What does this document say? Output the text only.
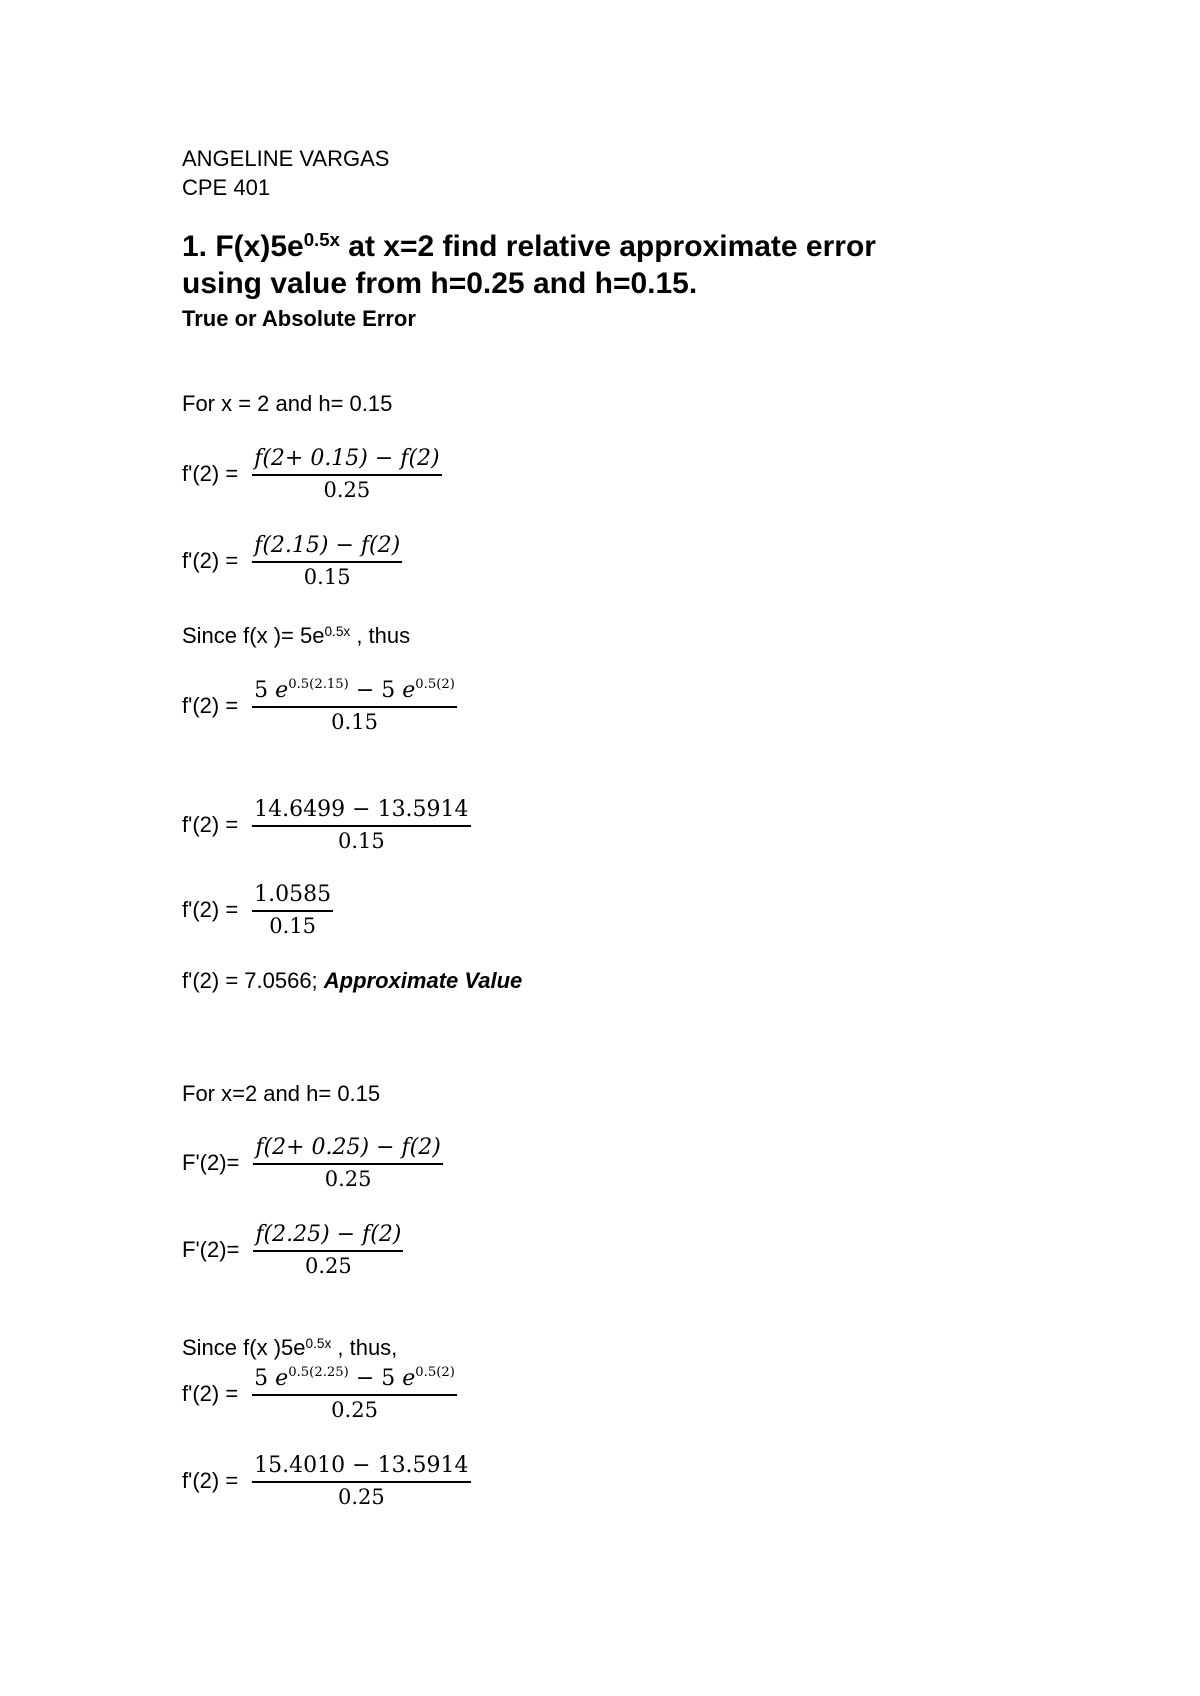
ANGELINE VARGAS
CPE 401
1. $F(x)5e^{0.5x}$ at x=2 find relative approximate error
using value from h=0.25 and h=0.15.
True or Absolute Error
For x = 2 and h= 0.15
$f'(2) = \frac{f(2+ 0.15) - f(2)}{0.25}$
$f'(2) = \frac{f(2.15) - f(2)}{0.15}$
Since f(x )= $5e^{0.5x}$ , thus
$f'(2) = \frac{5 e^{0.5(2.15)} - 5 e^{0.5(2)}}{0.15}$
$f'(2) = \frac{14.6499 - 13.5914}{0.15}$
$f'(2) = \frac{1.0585}{0.15}$
f'(2) = 7.0566; Approximate Value
For x=2 and h= 0.15
$F'(2)= \frac{f(2+ 0.25) - f(2)}{0.25}$
$F'(2)= \frac{f(2.25) - f(2)}{0.25}$
Since f(x )$5e^{0.5x}$ , thus,
$f'(2) = \frac{5 e^{0.5(2.25)} - 5 e^{0.5(2)}}{0.25}$
$f'(2) = \frac{15.4010 - 13.5914}{0.25}$
